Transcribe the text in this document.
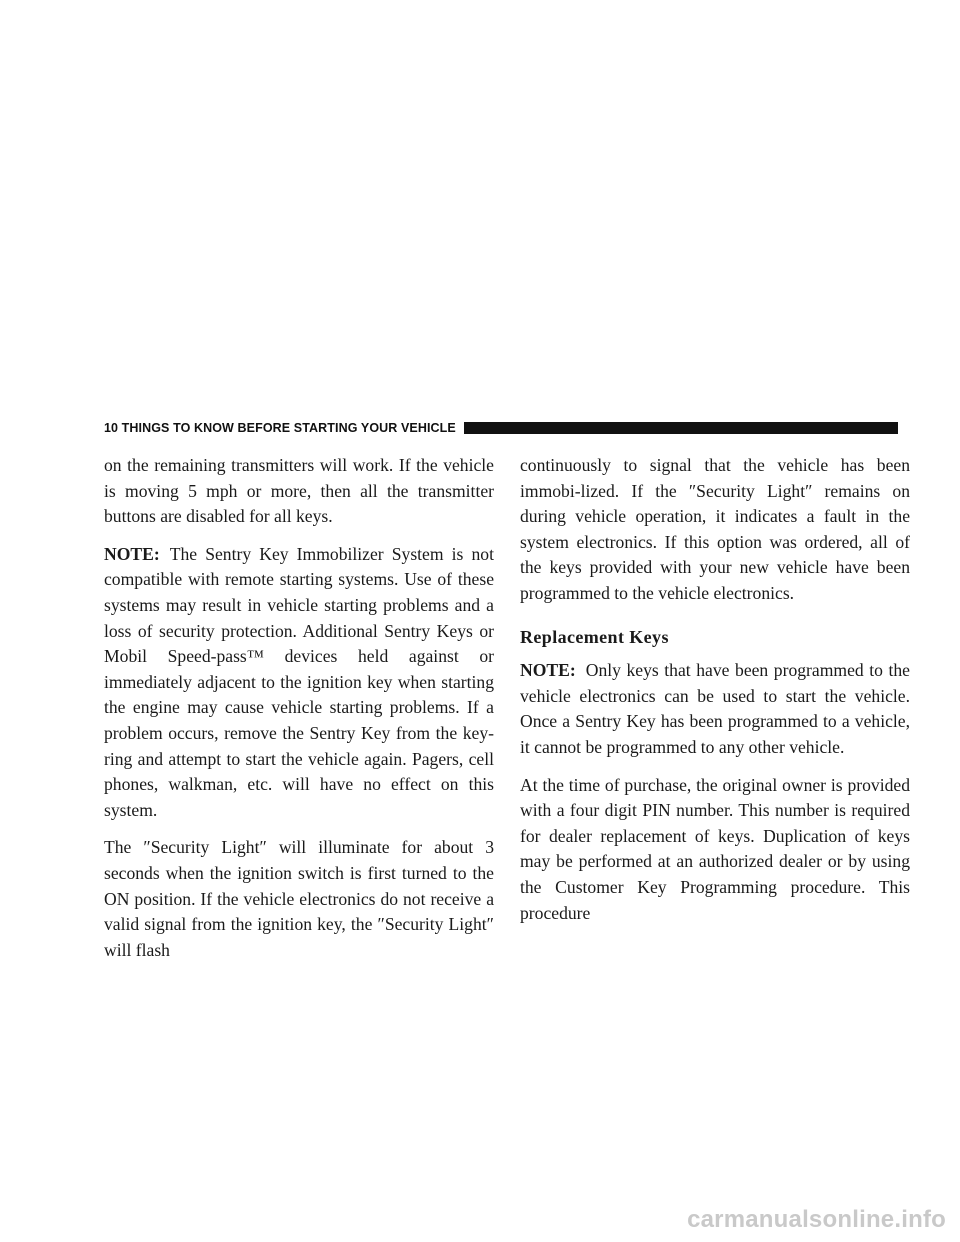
10 THINGS TO KNOW BEFORE STARTING YOUR VEHICLE

on the remaining transmitters will work. If the vehicle is moving 5 mph or more, then all the transmitter buttons are disabled for all keys.

NOTE: The Sentry Key Immobilizer System is not compatible with remote starting systems. Use of these systems may result in vehicle starting problems and a loss of security protection. Additional Sentry Keys or Mobil Speed-pass™ devices held against or immediately adjacent to the ignition key when starting the engine may cause vehicle starting problems. If a problem occurs, remove the Sentry Key from the key-ring and attempt to start the vehicle again. Pagers, cell phones, walkman, etc. will have no effect on this system.

The ″Security Light″ will illuminate for about 3 seconds when the ignition switch is first turned to the ON position. If the vehicle electronics do not receive a valid signal from the ignition key, the ″Security Light″ will flash

continuously to signal that the vehicle has been immobi-lized. If the ″Security Light″ remains on during vehicle operation, it indicates a fault in the system electronics. If this option was ordered, all of the keys provided with your new vehicle have been programmed to the vehicle electronics.

Replacement Keys

NOTE: Only keys that have been programmed to the vehicle electronics can be used to start the vehicle. Once a Sentry Key has been programmed to a vehicle, it cannot be programmed to any other vehicle.

At the time of purchase, the original owner is provided with a four digit PIN number. This number is required for dealer replacement of keys. Duplication of keys may be performed at an authorized dealer or by using the Customer Key Programming procedure. This procedure

carmanualsonline.info
